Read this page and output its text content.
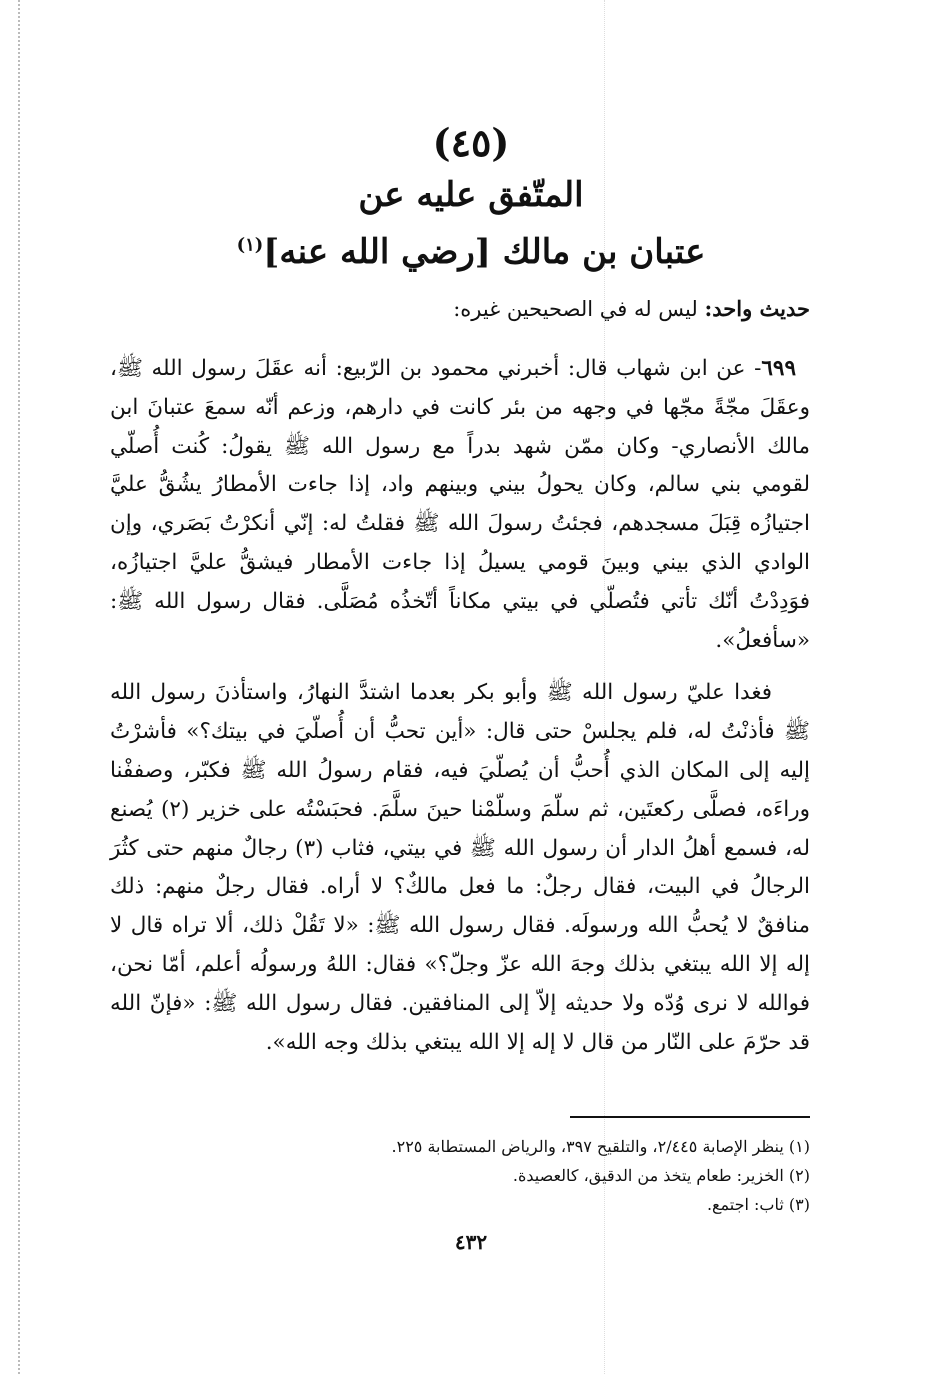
(٤٥)
المتّفق عليه عن
عتبان بن مالك [رضي الله عنه]$^{(١)}$
حديث واحد: ليس له في الصحيحين غيره:

٦٩٩- عن ابن شهاب قال: أخبرني محمود بن الرّبيع: أنه عقَلَ رسول الله ﷺ، وعقَلَ مجّةً مجّها في وجهه من بئر كانت في دارهم، وزعم أنّه سمعَ عتبانَ ابن مالك الأنصاري- وكان ممّن شهد بدراً مع رسول الله ﷺ يقولُ: كُنت أُصلّي لقومي بني سالم، وكان يحولُ بيني وبينهم واد، إذا جاءت الأمطارُ يشُقُّ عليَّ اجتيازُه قِبَلَ مسجدهم، فجئتُ رسولَ الله ﷺ فقلتُ له: إنّي أنكرْتُ بَصَري، وإن الوادي الذي بيني وبينَ قومي يسيلُ إذا جاءت الأمطار فيشقُّ عليَّ اجتيازُه، فوَدِدْتُ أنّك تأتي فتُصلّي في بيتي مكاناً أتّخذُه مُصَلَّى. فقال رسول الله ﷺ: «سأفعلُ».

فغدا عليّ رسول الله ﷺ وأبو بكر بعدما اشتدَّ النهارُ، واستأذنَ رسول الله ﷺ فأذنْتُ له، فلم يجلسْ حتى قال: «أين تحبُّ أن أُصلّيَ في بيتك؟» فأشرْتُ إليه إلى المكان الذي أُحبُّ أن يُصلّيَ فيه، فقام رسولُ الله ﷺ فكبّر، وصففْنا وراءَه، فصلَّى ركعتَين، ثم سلّمَ وسلّمْنا حينَ سلَّمَ. فحبَسْتُه على خزير (٢) يُصنع له، فسمع أهلُ الدار أن رسول الله ﷺ في بيتي، فثاب (٣) رجالٌ منهم حتى كثُرَ الرجالُ في البيت، فقال رجلٌ: ما فعل مالكٌ؟ لا أراه. فقال رجلٌ منهم: ذلك منافقٌ لا يُحبُّ الله ورسولَه. فقال رسول الله ﷺ: «لا تَقُلْ ذلك، ألا تراه قال لا إله إلا الله يبتغي بذلك وجهَ الله عزّ وجلّ؟» فقال: اللهُ ورسولُه أعلم، أمّا نحن، فوالله لا نرى وُدّه ولا حديثه إلاّ إلى المنافقين. فقال رسول الله ﷺ: «فإنّ الله قد حرّمَ على النّار من قال لا إله إلا الله يبتغي بذلك وجه الله».

(١) ينظر الإصابة ٢/٤٤٥، والتلقيح ٣٩٧، والرياض المستطابة ٢٢٥.
(٢) الخزير: طعام يتخذ من الدقيق، كالعصيدة.
(٣) ثاب: اجتمع.
٤٣٢
